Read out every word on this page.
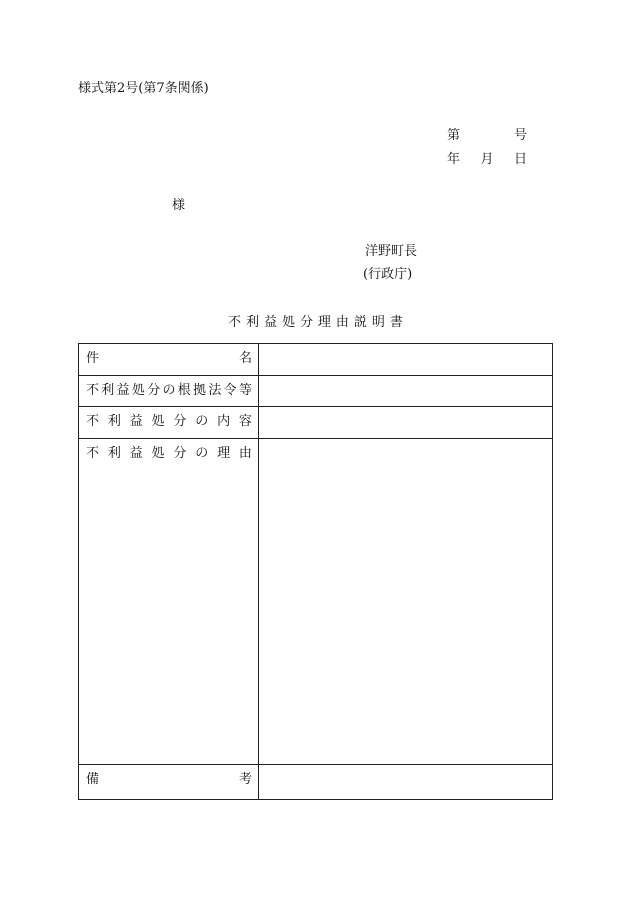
様式第2号(第7条関係)
第	号
年 月 日
様
洋野町長
(行政庁)
不 利 益 処 分 理 由 説 明 書
件	名
不 利 益 処 分 の 根 拠 法 令 等
不 利 益 処 分 の 内 容
不 利 益 処 分 の 理 由
備	考
